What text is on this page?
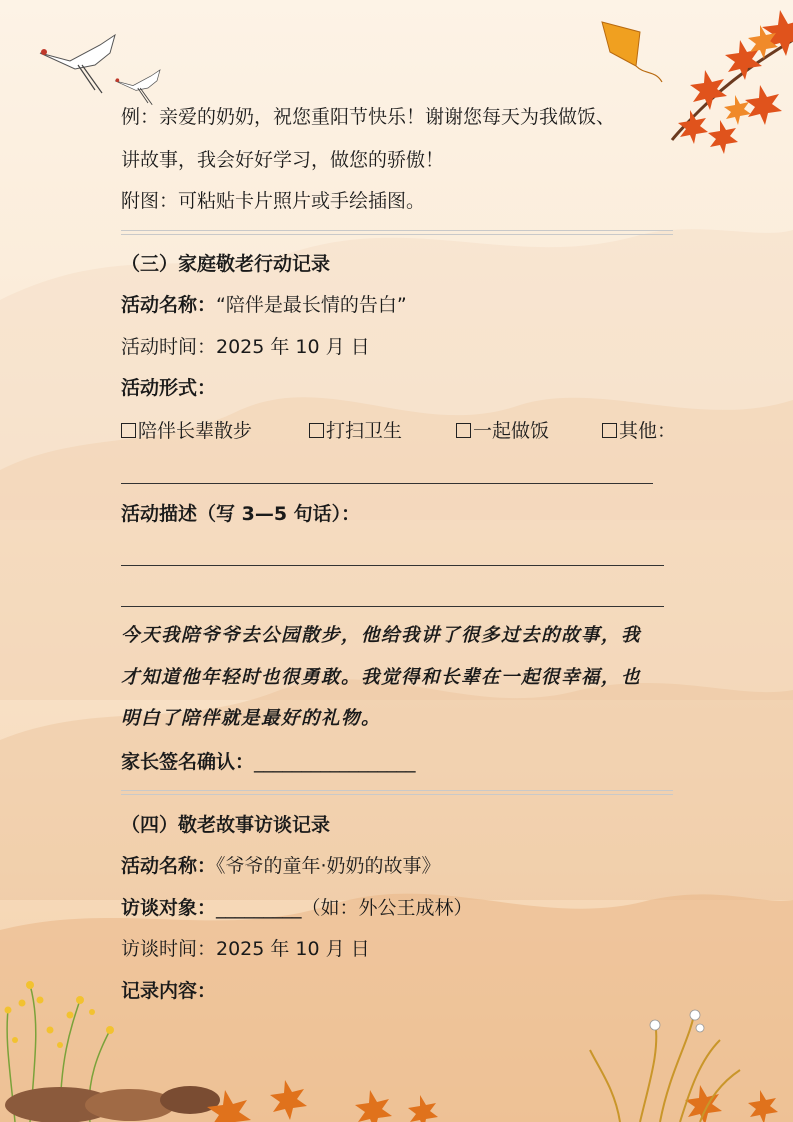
例：亲爱的奶奶，祝您重阳节快乐！谢谢您每天为我做饭、
讲故事，我会好好学习，做您的骄傲！
附图：可粘贴卡片照片或手绘插图。
（三）家庭敬老行动记录
活动名称：“陪伴是最长情的告白”
活动时间：2025 年 10 月 日
活动形式：
陪伴长辈散步	打扫卫生	一起做饭	其他：
活动描述（写 3—5 句话）：
今天我陪爷爷去公园散步，他给我讲了很多过去的故事，我
才知道他年轻时也很勇敢。我觉得和长辈在一起很幸福，也
明白了陪伴就是最好的礼物。
家长签名确认：_________________
（四）敬老故事访谈记录
活动名称：《爷爷的童年·奶奶的故事》
访谈对象：_________（如：外公王成林）
访谈时间：2025 年 10 月 日
记录内容：
